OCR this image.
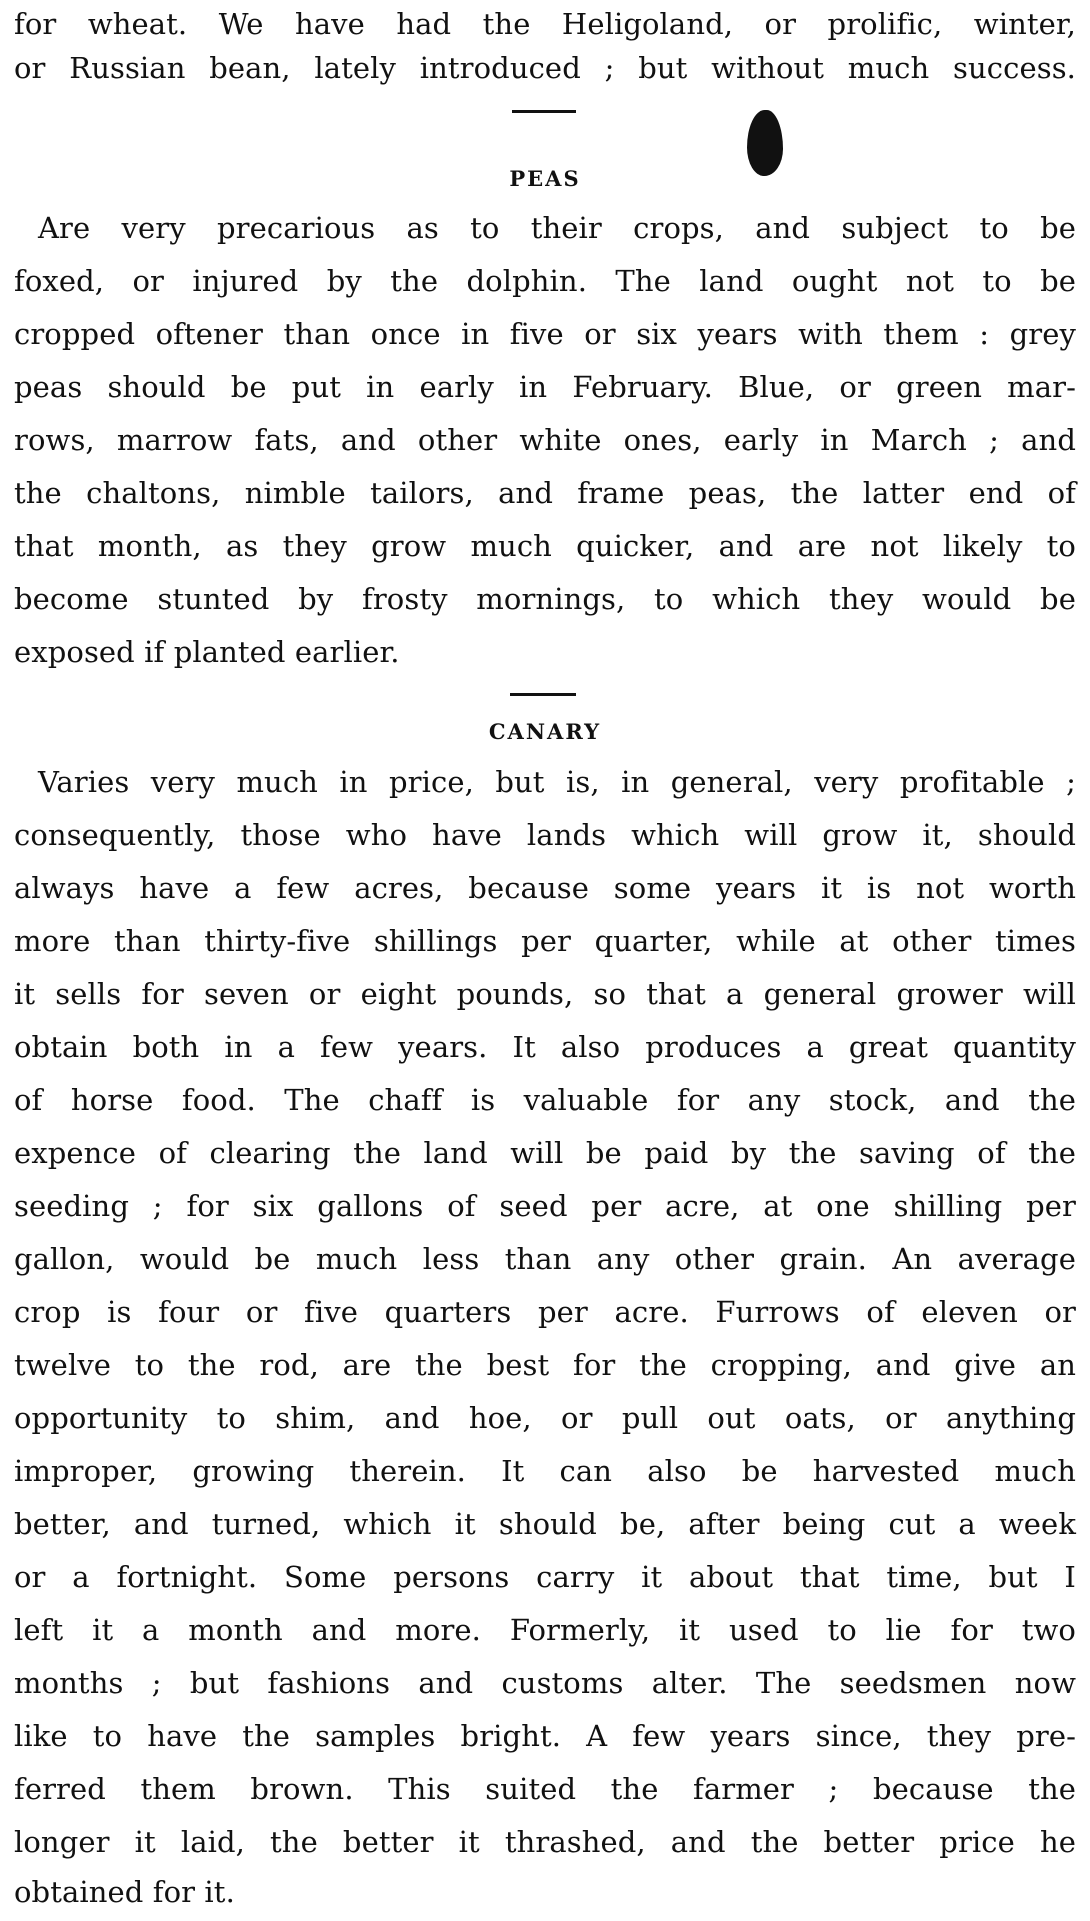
for wheat. We have had the Heligoland, or prolific, winter,
or Russian bean, lately introduced ; but without much success.
PEAS
Are very precarious as to their crops, and subject to be
foxed, or injured by the dolphin. The land ought not to be
cropped oftener than once in five or six years with them : grey
peas should be put in early in February. Blue, or green mar-
rows, marrow fats, and other white ones, early in March ; and
the chaltons, nimble tailors, and frame peas, the latter end of
that month, as they grow much quicker, and are not likely to
become stunted by frosty mornings, to which they would be
exposed if planted earlier.
CANARY
Varies very much in price, but is, in general, very profitable ;
consequently, those who have lands which will grow it, should
always have a few acres, because some years it is not worth
more than thirty-five shillings per quarter, while at other times
it sells for seven or eight pounds, so that a general grower will
obtain both in a few years. It also produces a great quantity
of horse food. The chaff is valuable for any stock, and the
expence of clearing the land will be paid by the saving of the
seeding ; for six gallons of seed per acre, at one shilling per
gallon, would be much less than any other grain. An average
crop is four or five quarters per acre. Furrows of eleven or
twelve to the rod, are the best for the cropping, and give an
opportunity to shim, and hoe, or pull out oats, or anything
improper, growing therein. It can also be harvested much
better, and turned, which it should be, after being cut a week
or a fortnight. Some persons carry it about that time, but I
left it a month and more. Formerly, it used to lie for two
months ; but fashions and customs alter. The seedsmen now
like to have the samples bright. A few years since, they pre-
ferred them brown. This suited the farmer ; because the
longer it laid, the better it thrashed, and the better price he
obtained for it.
